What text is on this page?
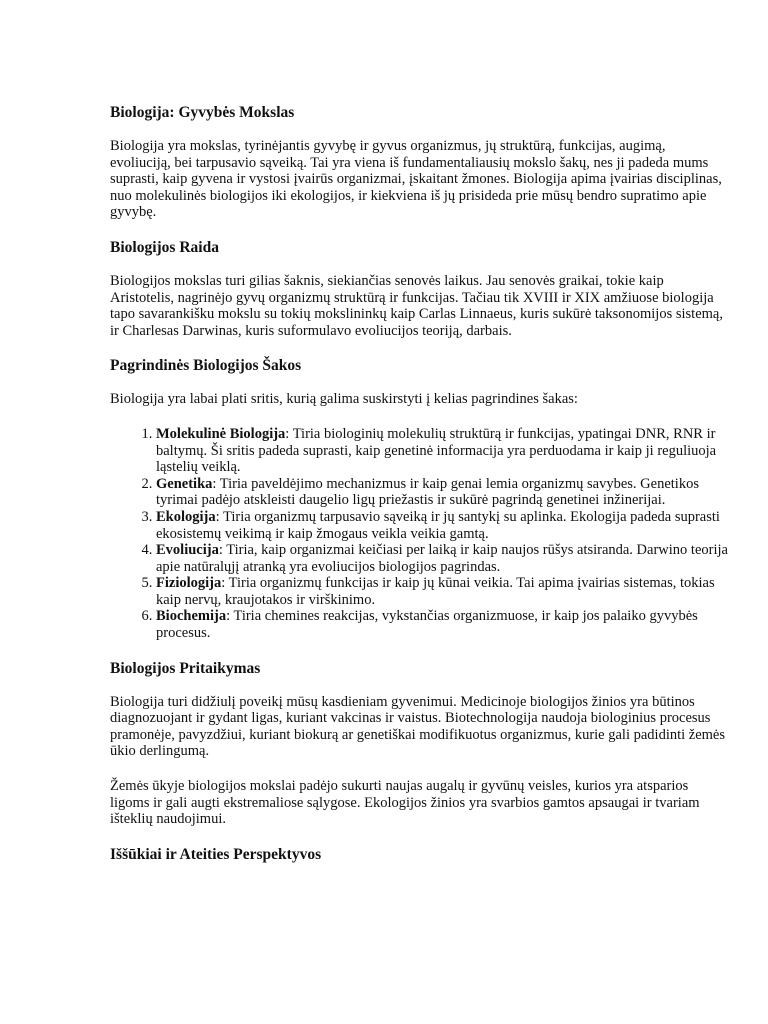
Biologija: Gyvybės Mokslas

Biologija yra mokslas, tyrinėjantis gyvybę ir gyvus organizmus, jų struktūrą, funkcijas, augimą, evoliuciją, bei tarpusavio sąveiką. Tai yra viena iš fundamentaliausių mokslo šakų, nes ji padeda mums suprasti, kaip gyvena ir vystosi įvairūs organizmai, įskaitant žmones. Biologija apima įvairias disciplinas, nuo molekulinės biologijos iki ekologijos, ir kiekviena iš jų prisideda prie mūsų bendro supratimo apie gyvybę.

Biologijos Raida

Biologijos mokslas turi gilias šaknis, siekiančias senovės laikus. Jau senovės graikai, tokie kaip Aristotelis, nagrinėjo gyvų organizmų struktūrą ir funkcijas. Tačiau tik XVIII ir XIX amžiuose biologija tapo savarankišku mokslu su tokių mokslininkų kaip Carlas Linnaeus, kuris sukūrė taksonomijos sistemą, ir Charlesas Darwinas, kuris suformulavo evoliucijos teoriją, darbais.

Pagrindinės Biologijos Šakos

Biologija yra labai plati sritis, kurią galima suskirstyti į kelias pagrindines šakas:

1. Molekulinė Biologija: Tiria biologinių molekulių struktūrą ir funkcijas, ypatingai DNR, RNR ir baltymų. Ši sritis padeda suprasti, kaip genetinė informacija yra perduodama ir kaip ji reguliuoja ląstelių veiklą.
2. Genetika: Tiria paveldėjimo mechanizmus ir kaip genai lemia organizmų savybes. Genetikos tyrimai padėjo atskleisti daugelio ligų priežastis ir sukūrė pagrindą genetinei inžinerijai.
3. Ekologija: Tiria organizmų tarpusavio sąveiką ir jų santykį su aplinka. Ekologija padeda suprasti ekosistemų veikimą ir kaip žmogaus veikla veikia gamtą.
4. Evoliucija: Tiria, kaip organizmai keičiasi per laiką ir kaip naujos rūšys atsiranda. Darwino teorija apie natūralųjį atranką yra evoliucijos biologijos pagrindas.
5. Fiziologija: Tiria organizmų funkcijas ir kaip jų kūnai veikia. Tai apima įvairias sistemas, tokias kaip nervų, kraujotakos ir virškinimo.
6. Biochemija: Tiria chemines reakcijas, vykstančias organizmuose, ir kaip jos palaiko gyvybės procesus.
Biologijos Pritaikymas

Biologija turi didžiulį poveikį mūsų kasdieniam gyvenimui. Medicinoje biologijos žinios yra būtinos diagnozuojant ir gydant ligas, kuriant vakcinas ir vaistus. Biotechnologija naudoja biologinius procesus pramonėje, pavyzdžiui, kuriant biokurą ar genetiškai modifikuotus organizmus, kurie gali padidinti žemės ūkio derlingumą.

Žemės ūkyje biologijos mokslai padėjo sukurti naujas augalų ir gyvūnų veisles, kurios yra atsparios ligoms ir gali augti ekstremaliose sąlygose. Ekologijos žinios yra svarbios gamtos apsaugai ir tvariam išteklių naudojimui.

Iššūkiai ir Ateities Perspektyvos
